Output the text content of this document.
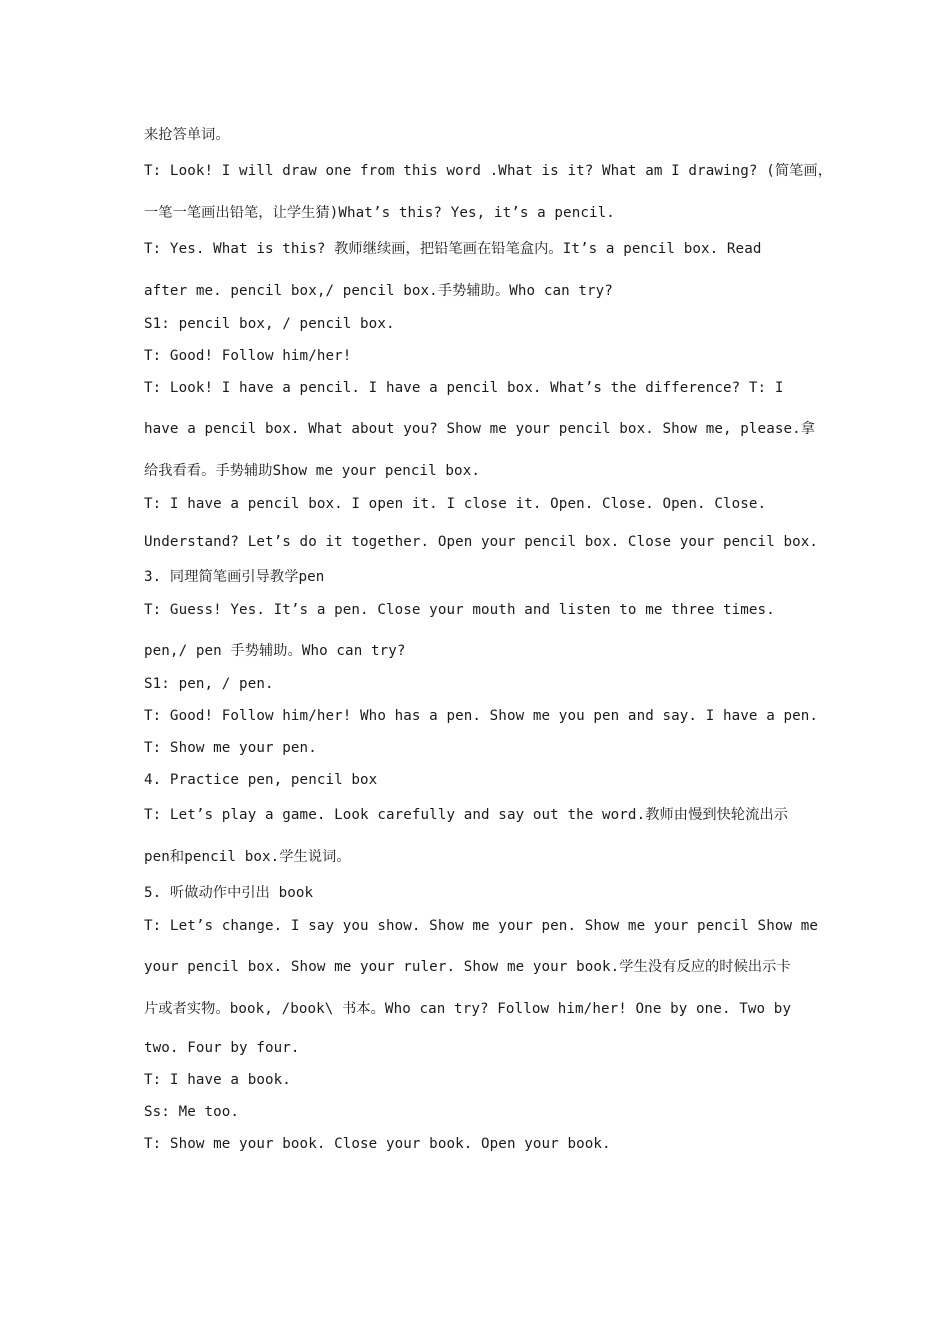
来抢答单词。
T: Look! I will draw one from this word .What is it? What am I drawing? (简笔画，
一笔一笔画出铅笔，让学生猜)What’s this? Yes, it’s a pencil.
T: Yes. What is this? 教师继续画，把铅笔画在铅笔盒内。It’s a pencil box. Read
after me. pencil box,/ pencil box.手势辅助。Who can try?
S1: pencil box, / pencil box.
T: Good! Follow him/her!
T: Look! I have a pencil. I have a pencil box. What’s the difference? T: I
have a pencil box. What about you? Show me your pencil box. Show me, please.拿
给我看看。手势辅助Show me your pencil box.
T: I have a pencil box. I open it. I close it. Open. Close. Open. Close.
Understand? Let’s do it together. Open your pencil box. Close your pencil box.
3. 同理简笔画引导教学pen
T: Guess! Yes. It’s a pen. Close your mouth and listen to me three times.
pen,/ pen 手势辅助。Who can try?
S1: pen, / pen.
T: Good! Follow him/her! Who has a pen. Show me you pen and say. I have a pen.
T: Show me your pen.
4. Practice pen, pencil box
T: Let’s play a game. Look carefully and say out the word.教师由慢到快轮流出示
pen和pencil box.学生说词。
5. 听做动作中引出 book
T: Let’s change. I say you show. Show me your pen. Show me your pencil Show me
your pencil box. Show me your ruler. Show me your book.学生没有反应的时候出示卡
片或者实物。book, /book\ 书本。Who can try? Follow him/her! One by one. Two by
two. Four by four.
T: I have a book.
Ss: Me too.
T: Show me your book. Close your book. Open your book.
